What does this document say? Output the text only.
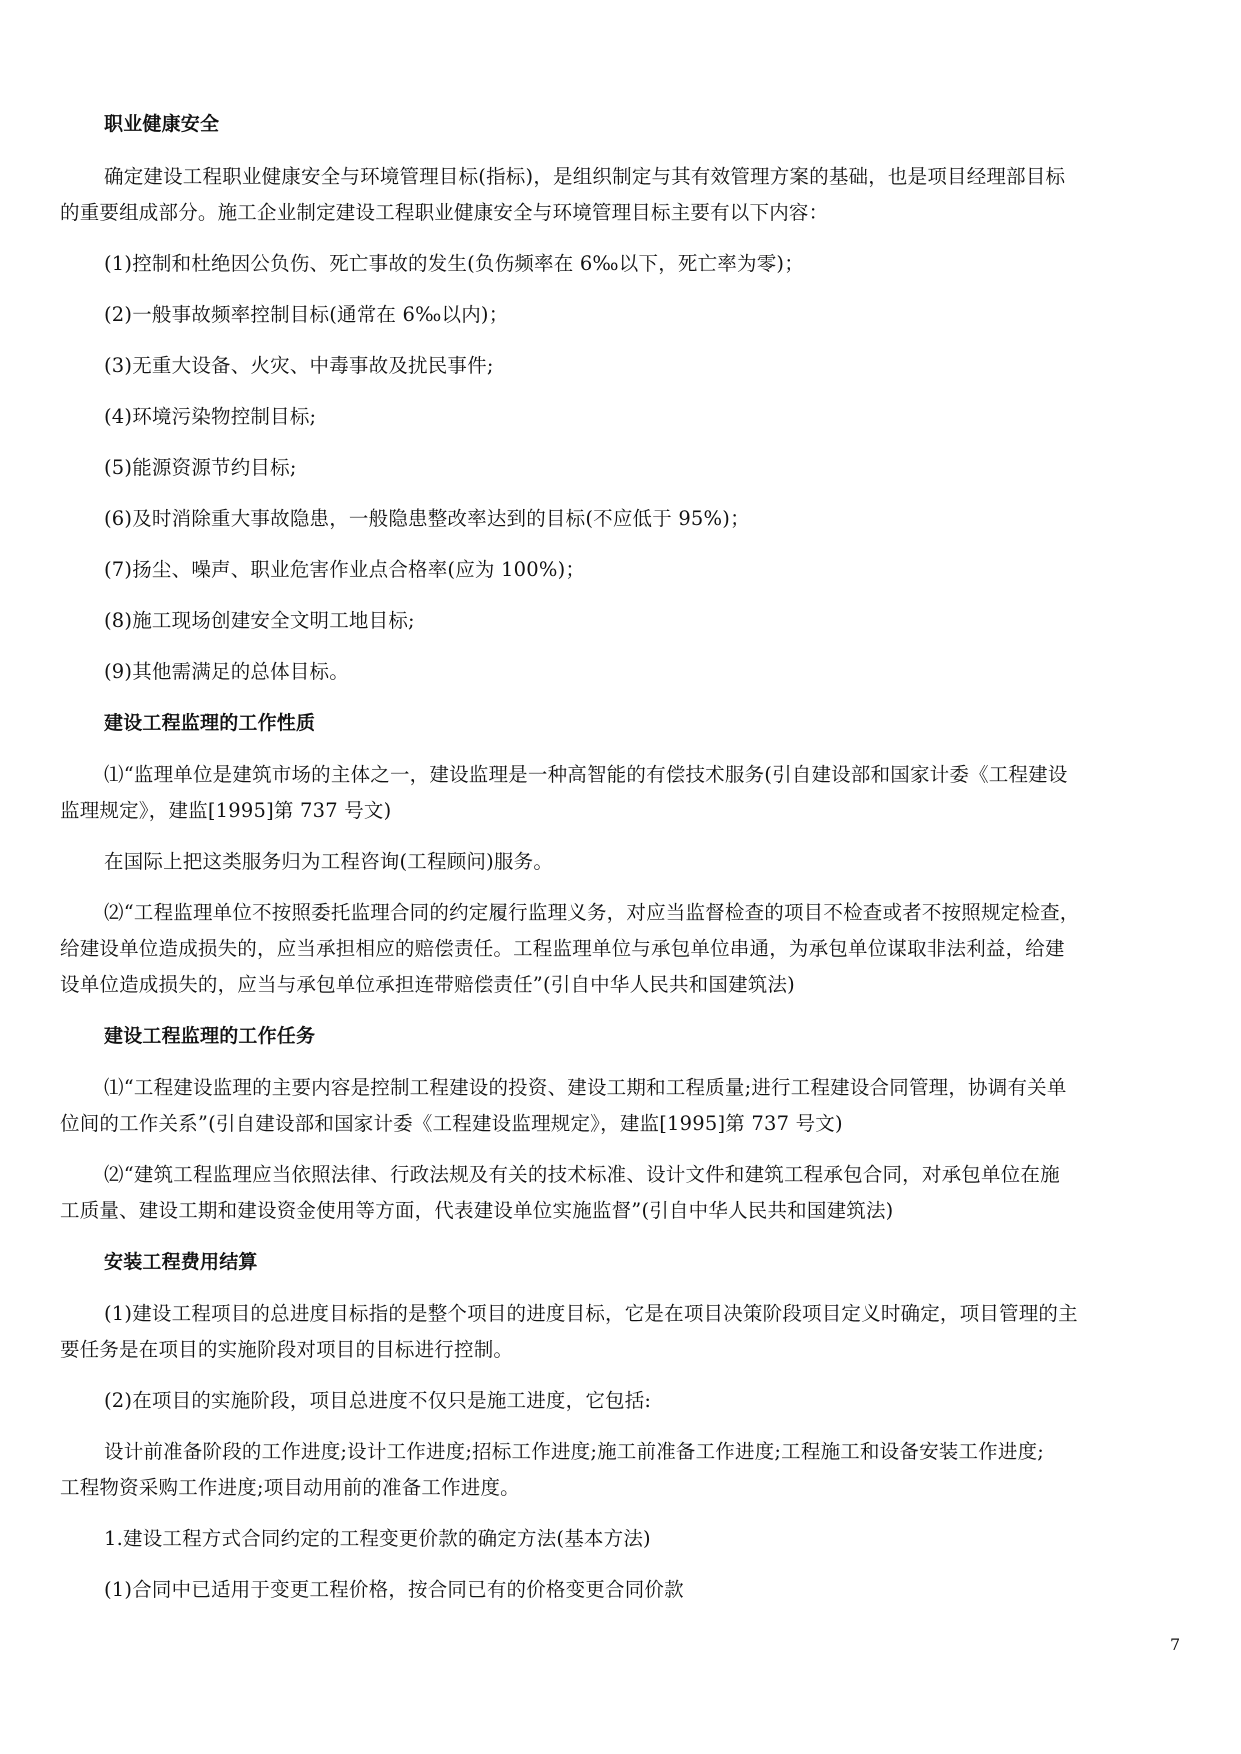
职业健康安全
确定建设工程职业健康安全与环境管理目标(指标)，是组织制定与其有效管理方案的基础，也是项目经理部目标
的重要组成部分。施工企业制定建设工程职业健康安全与环境管理目标主要有以下内容：
(1)控制和杜绝因公负伤、死亡事故的发生(负伤频率在 6‰以下，死亡率为零)；
(2)一般事故频率控制目标(通常在 6‰以内)；
(3)无重大设备、火灾、中毒事故及扰民事件;
(4)环境污染物控制目标;
(5)能源资源节约目标;
(6)及时消除重大事故隐患，一般隐患整改率达到的目标(不应低于 95%)；
(7)扬尘、噪声、职业危害作业点合格率(应为 100%)；
(8)施工现场创建安全文明工地目标;
(9)其他需满足的总体目标。
建设工程监理的工作性质
⑴“监理单位是建筑市场的主体之一，建设监理是一种高智能的有偿技术服务(引自建设部和国家计委《工程建设
监理规定》，建监[1995]第 737 号文)
在国际上把这类服务归为工程咨询(工程顾问)服务。
⑵“工程监理单位不按照委托监理合同的约定履行监理义务，对应当监督检查的项目不检查或者不按照规定检查，
给建设单位造成损失的，应当承担相应的赔偿责任。工程监理单位与承包单位串通，为承包单位谋取非法利益，给建
设单位造成损失的，应当与承包单位承担连带赔偿责任”(引自中华人民共和国建筑法)
建设工程监理的工作任务
⑴“工程建设监理的主要内容是控制工程建设的投资、建设工期和工程质量;进行工程建设合同管理，协调有关单
位间的工作关系”(引自建设部和国家计委《工程建设监理规定》，建监[1995]第 737 号文)
⑵“建筑工程监理应当依照法律、行政法规及有关的技术标准、设计文件和建筑工程承包合同，对承包单位在施
工质量、建设工期和建设资金使用等方面，代表建设单位实施监督”(引自中华人民共和国建筑法)
安装工程费用结算
(1)建设工程项目的总进度目标指的是整个项目的进度目标，它是在项目决策阶段项目定义时确定，项目管理的主
要任务是在项目的实施阶段对项目的目标进行控制。
(2)在项目的实施阶段，项目总进度不仅只是施工进度，它包括:
设计前准备阶段的工作进度;设计工作进度;招标工作进度;施工前准备工作进度;工程施工和设备安装工作进度;
工程物资采购工作进度;项目动用前的准备工作进度。
1.建设工程方式合同约定的工程变更价款的确定方法(基本方法)
(1)合同中已适用于变更工程价格，按合同已有的价格变更合同价款
7
